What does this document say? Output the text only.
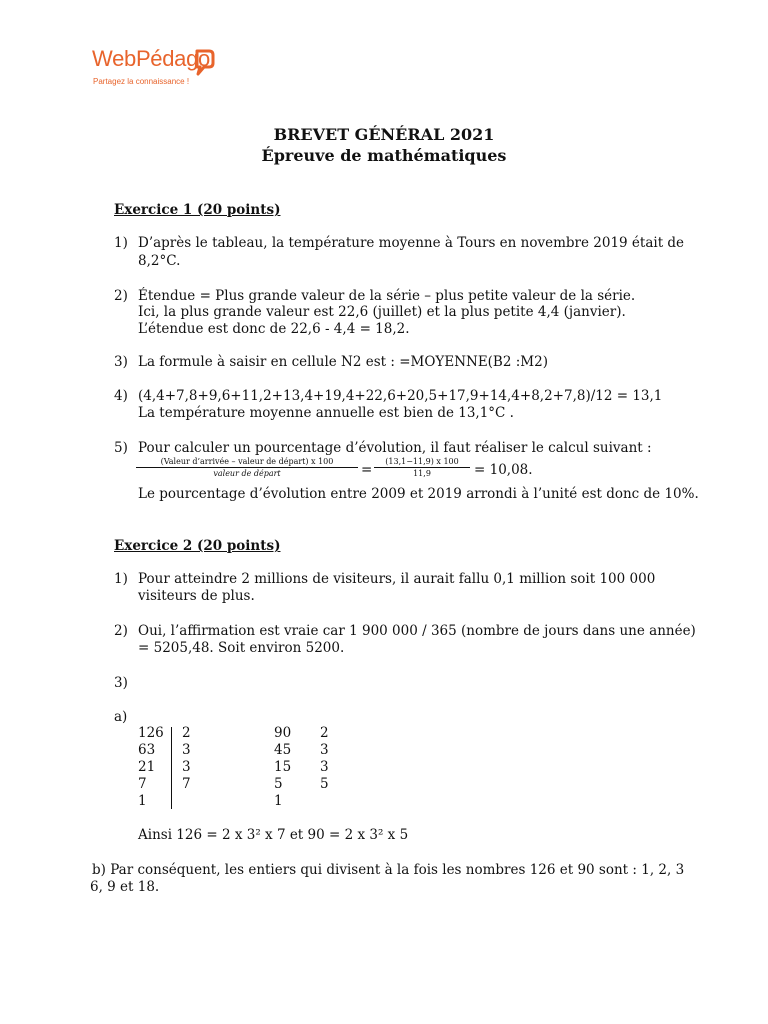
WebPédago
Partagez la connaissance !
BREVET GÉNÉRAL 2021
Épreuve de mathématiques
Exercice 1 (20 points)
1) D’après le tableau, la température moyenne à Tours en novembre 2019 était de
8,2°C.
2) Étendue = Plus grande valeur de la série – plus petite valeur de la série.
Ici, la plus grande valeur est 22,6 (juillet) et la plus petite 4,4 (janvier).
L’étendue est donc de 22,6 - 4,4 = 18,2.
3) La formule à saisir en cellule N2 est : =MOYENNE(B2 :M2)
4) (4,4+7,8+9,6+11,2+13,4+19,4+22,6+20,5+17,9+14,4+8,2+7,8)/12 = 13,1
La température moyenne annuelle est bien de 13,1°C .
5) Pour calculer un pourcentage d’évolution, il faut réaliser le calcul suivant :
(Valeur d’arrivée – valeur de départ) x 100
valeur de départ	= $\frac{(13,1-11,9) x 100}{11,9} = 10,08$.
Le pourcentage d’évolution entre 2009 et 2019 arrondi à l’unité est donc de 10%.
Exercice 2 (20 points)
1) Pour atteindre 2 millions de visiteurs, il aurait fallu 0,1 million soit 100 000
visiteurs de plus.
2) Oui, l’affirmation est vraie car 1 900 000 / 365 (nombre de jours dans une année)
= 5205,48. Soit environ 5200.
3)
a)
126
63
21
7
1
2
3
3
7
90
45
15
5
1
2
3
3
5
Ainsi 126 = 2 x 3² x 7 et 90 = 2 x 3² x 5
b) Par conséquent, les entiers qui divisent à la fois les nombres 126 et 90 sont : 1, 2, 3
6, 9 et 18.
